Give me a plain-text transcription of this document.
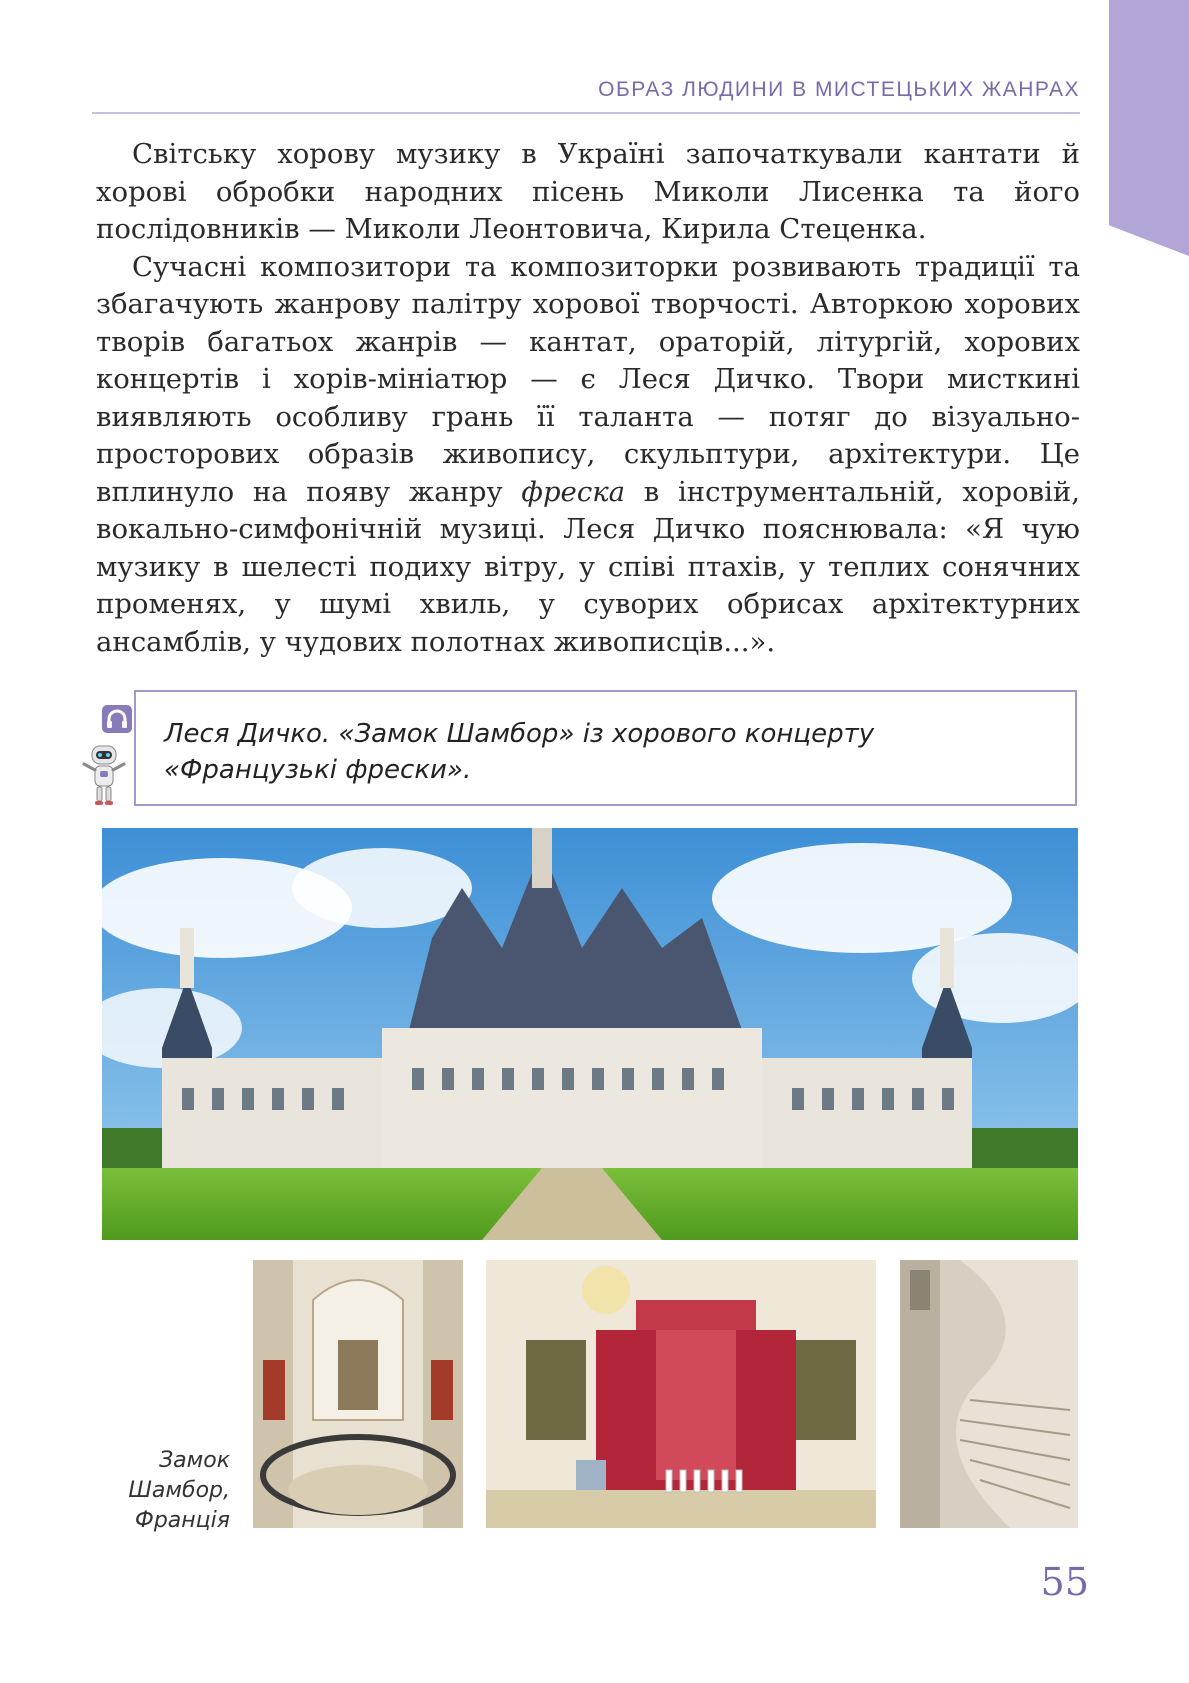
ОБРАЗ ЛЮДИНИ В МИСТЕЦЬКИХ ЖАНРАХ

Світську хорову музику в Україні започаткували кантати й хорові обробки народних пісень Миколи Лисенка та його послідовників — Миколи Леонтовича, Кирила Стеценка.

Сучасні композитори та композиторки розвивають традиції та збагачують жанрову палітру хорової творчості. Авторкою хорових творів багатьох жанрів — кантат, ораторій, літургій, хорових концертів і хорів-мініатюр — є Леся Дичко. Твори мисткині виявляють особливу грань її таланта — потяг до візуально-просторових образів живопису, скульптури, архітектури. Це вплинуло на появу жанру фреска в інструментальній, хоровій, вокально-симфонічній музиці. Леся Дичко пояснювала: «Я чую музику в шелесті подиху вітру, у співі птахів, у теплих сонячних променях, у шумі хвиль, у суворих обрисах архітектурних ансамблів, у чудових полотнах живописців...».

Леся Дичко. «Замок Шамбор» із хорового концерту «Французькі фрески».
Замок
Шамбор,
Франція
55
